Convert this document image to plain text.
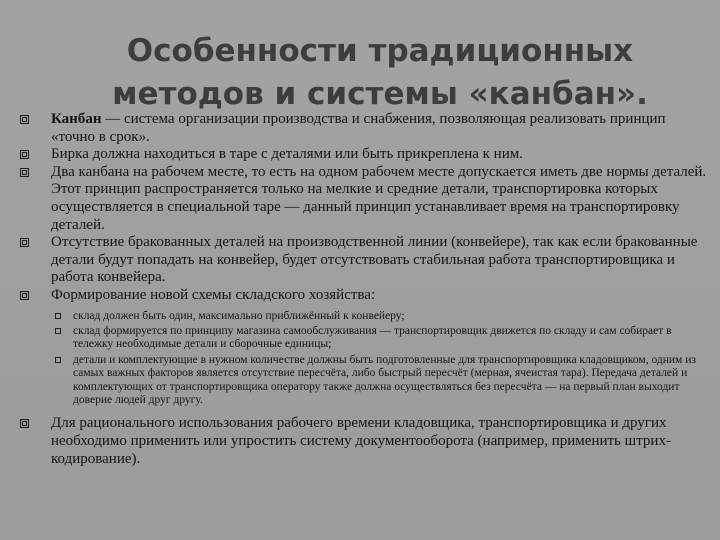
Особенности традиционных
методов и системы «канбан».
Канбан — система организации производства и снабжения, позволяющая реализовать принцип «точно в срок».
Бирка должна находиться в таре с деталями или быть прикреплена к ним.
Два канбана на рабочем месте, то есть на одном рабочем месте допускается иметь две нормы деталей. Этот принцип распространяется только на мелкие и средние детали, транспортировка которых осуществляется в специальной таре — данный принцип устанавливает время на транспортировку деталей.
Отсутствие бракованных деталей на производственной линии (конвейере), так как если бракованные детали будут попадать на конвейер, будет отсутствовать стабильная работа транспортировщика и работа конвейера.
Формирование новой схемы складского хозяйства:
склад должен быть один, максимально приближённый к конвейеру;
склад формируется по принципу магазина самообслуживания — транспортировщик движется по складу и сам собирает в тележку необходимые детали и сборочные единицы;
детали и комплектующие в нужном количестве должны быть подготовленные для транспортировщика кладовщиком, одним из самых важных факторов является отсутствие пересчёта, либо быстрый пересчёт (мерная, ячеистая тара). Передача деталей и комплектующих от транспортировщика оператору также должна осуществляться без пересчёта — на первый план выходит доверие людей друг другу.
Для рационального использования рабочего времени кладовщика, транспортировщика и других необходимо применить или упростить систему документооборота (например, применить штрих-кодирование).
